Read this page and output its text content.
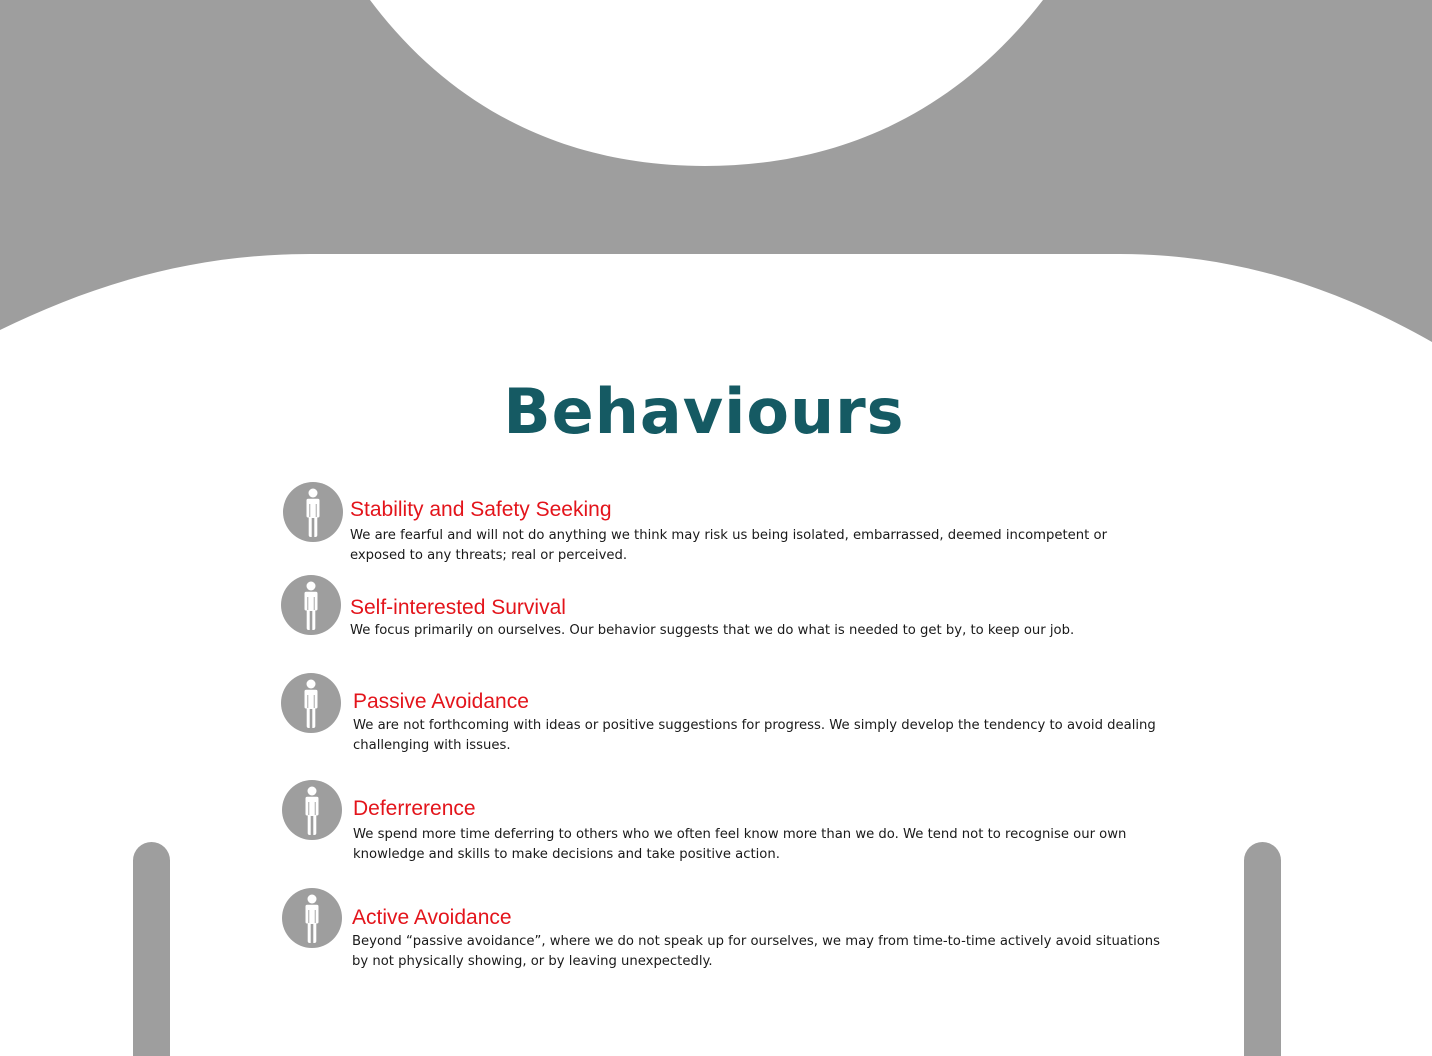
Behaviours
Stability and Safety Seeking
We are fearful and will not do anything we think may risk us being isolated, embarrassed, deemed incompetent or exposed to any threats; real or perceived.
Self-interested Survival
We focus primarily on ourselves. Our behavior suggests that we do what is needed to get by, to keep our job.
Passive Avoidance
We are not forthcoming with ideas or positive suggestions for progress. We simply develop the tendency to avoid dealing challenging with issues.
Deferrerence
We spend more time deferring to others who we often feel know more than we do. We tend not to recognise our own knowledge and skills to make decisions and take positive action.
Active Avoidance
Beyond “passive avoidance”, where we do not speak up for ourselves, we may from time-to-time actively avoid situations by not physically showing, or by leaving unexpectedly.
